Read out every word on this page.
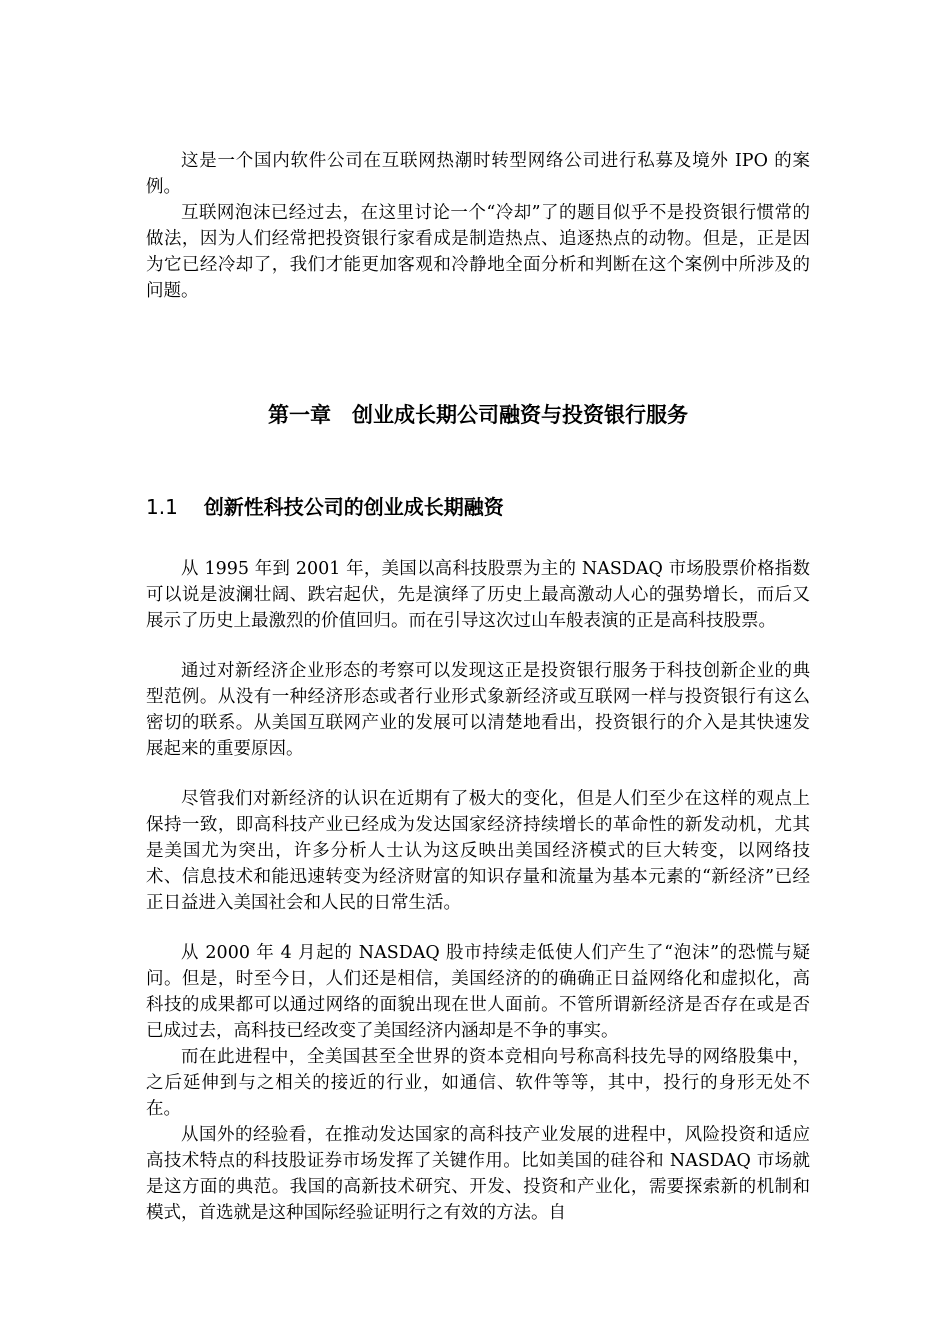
这是一个国内软件公司在互联网热潮时转型网络公司进行私募及境外 IPO 的案例。

互联网泡沫已经过去，在这里讨论一个“冷却”了的题目似乎不是投资银行惯常的做法，因为人们经常把投资银行家看成是制造热点、追逐热点的动物。但是，正是因为它已经冷却了，我们才能更加客观和冷静地全面分析和判断在这个案例中所涉及的问题。

第一章　创业成长期公司融资与投资银行服务
1.1 创新性科技公司的创业成长期融资

从 1995 年到 2001 年，美国以高科技股票为主的 NASDAQ 市场股票价格指数可以说是波澜壮阔、跌宕起伏，先是演绎了历史上最高激动人心的强势增长，而后又展示了历史上最激烈的价值回归。而在引导这次过山车般表演的正是高科技股票。

通过对新经济企业形态的考察可以发现这正是投资银行服务于科技创新企业的典型范例。从没有一种经济形态或者行业形式象新经济或互联网一样与投资银行有这么密切的联系。从美国互联网产业的发展可以清楚地看出，投资银行的介入是其快速发展起来的重要原因。

尽管我们对新经济的认识在近期有了极大的变化，但是人们至少在这样的观点上保持一致，即高科技产业已经成为发达国家经济持续增长的革命性的新发动机，尤其是美国尤为突出，许多分析人士认为这反映出美国经济模式的巨大转变，以网络技术、信息技术和能迅速转变为经济财富的知识存量和流量为基本元素的“新经济”已经正日益进入美国社会和人民的日常生活。

从 2000 年 4 月起的 NASDAQ 股市持续走低使人们产生了“泡沫”的恐慌与疑问。但是，时至今日，人们还是相信，美国经济的的确确正日益网络化和虚拟化，高科技的成果都可以通过网络的面貌出现在世人面前。不管所谓新经济是否存在或是否已成过去，高科技已经改变了美国经济内涵却是不争的事实。

而在此进程中，全美国甚至全世界的资本竞相向号称高科技先导的网络股集中，之后延伸到与之相关的接近的行业，如通信、软件等等，其中，投行的身形无处不在。

从国外的经验看，在推动发达国家的高科技产业发展的进程中，风险投资和适应高技术特点的科技股证券市场发挥了关键作用。比如美国的硅谷和 NASDAQ 市场就是这方面的典范。我国的高新技术研究、开发、投资和产业化，需要探索新的机制和模式，首选就是这种国际经验证明行之有效的方法。自
